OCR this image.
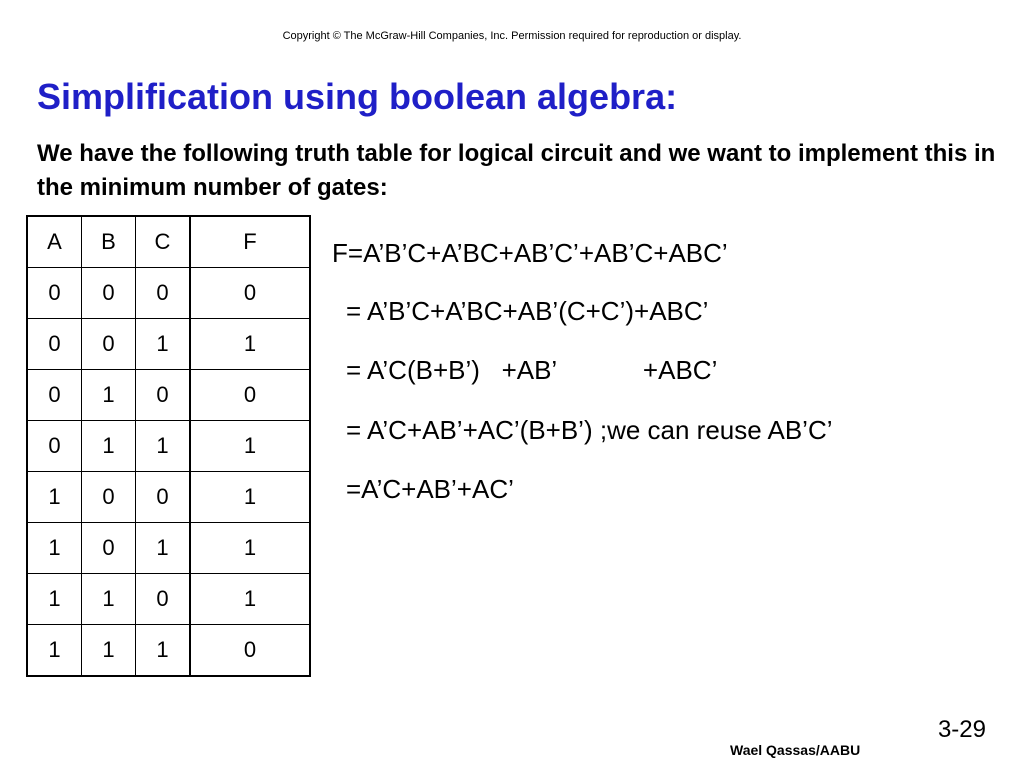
Copyright © The McGraw-Hill Companies, Inc. Permission required for reproduction or display.
Simplification using boolean algebra:

We have the following truth table for logical circuit and we want to implement this in the minimum number of gates:

A	B	C	F
0	0	0	0
0	0	1	1
0	1	0	0
0	1	1	1
1	0	0	1
1	0	1	1
1	1	0	1
1	1	1	0
F=A’B’C+A’BC+AB’C’+AB’C+ABC’
= A’B’C+A’BC+AB’(C+C’)+ABC’
= A’C(B+B’)   +AB’            +ABC’
= A’C+AB’+AC’(B+B’) ;we can reuse AB’C’
=A’C+AB’+AC’
3-29
Wael Qassas/AABU
